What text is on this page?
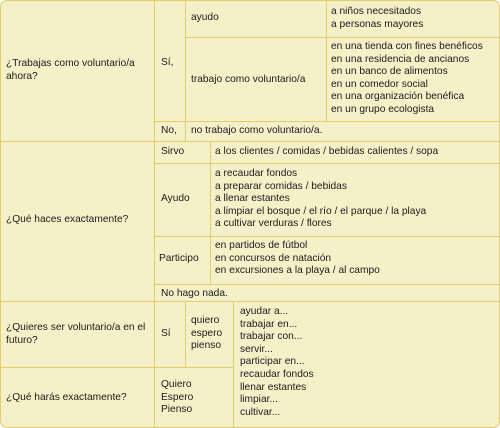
¿Trabajas como voluntario/a ahora?
Sí,
ayudo
a niños necesitados
a personas mayores
trabajo como voluntario/a
en una tienda con fines benéficos
en una residencia de ancianos
en un banco de alimentos
en un comedor social
en una organización benéfica
en un grupo ecologista
No, no trabajo como voluntario/a.
¿Qué haces exactamente?
Sirvo	a los clientes / comidas / bebidas calientes / sopa
Ayudo
a recaudar fondos
a preparar comidas / bebidas
a llenar estantes
a limpiar el bosque / el río / el parque / la playa
a cultivar verduras / flores
Participo
en partidos de fútbol
en concursos de natación
en excursiones a la playa / al campo
No hago nada.
¿Quieres ser voluntario/a en el futuro?
Sí
quiero
espero
pienso
¿Qué harás exactamente?
Quiero
Espero
Pienso
ayudar a...
trabajar en...
trabajar con...
servir...
participar en...
recaudar fondos
llenar estantes
limpiar...
cultivar...
